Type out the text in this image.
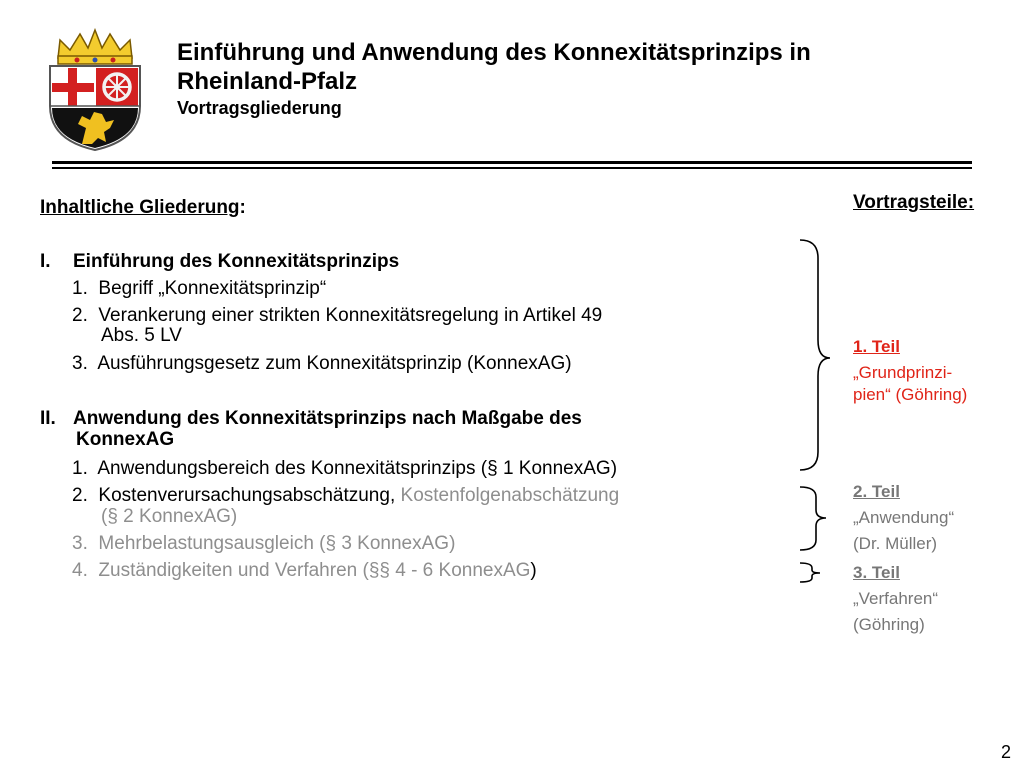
Einführung und Anwendung des Konnexitätsprinzips in
Rheinland-Pfalz
Vortragsgliederung
Inhaltliche Gliederung:
I. Einführung des Konnexitätsprinzips
1. Begriff „Konnexitätsprinzip“
2. Verankerung einer strikten Konnexitätsregelung in Artikel 49
Abs. 5 LV
3. Ausführungsgesetz zum Konnexitätsprinzip (KonnexAG)
II. Anwendung des Konnexitätsprinzips nach Maßgabe des
KonnexAG
1. Anwendungsbereich des Konnexitätsprinzips (§ 1 KonnexAG)
2. Kostenverursachungsabschätzung, Kostenfolgenabschätzung
(§ 2 KonnexAG)
3. Mehrbelastungsausgleich (§ 3 KonnexAG)
4. Zuständigkeiten und Verfahren (§§ 4 - 6 KonnexAG)
Vortragsteile:
1. Teil
„Grundprinzi-
pien“ (Göhring)
2. Teil
„Anwendung“
(Dr. Müller)
3. Teil
„Verfahren“
(Göhring)
2
